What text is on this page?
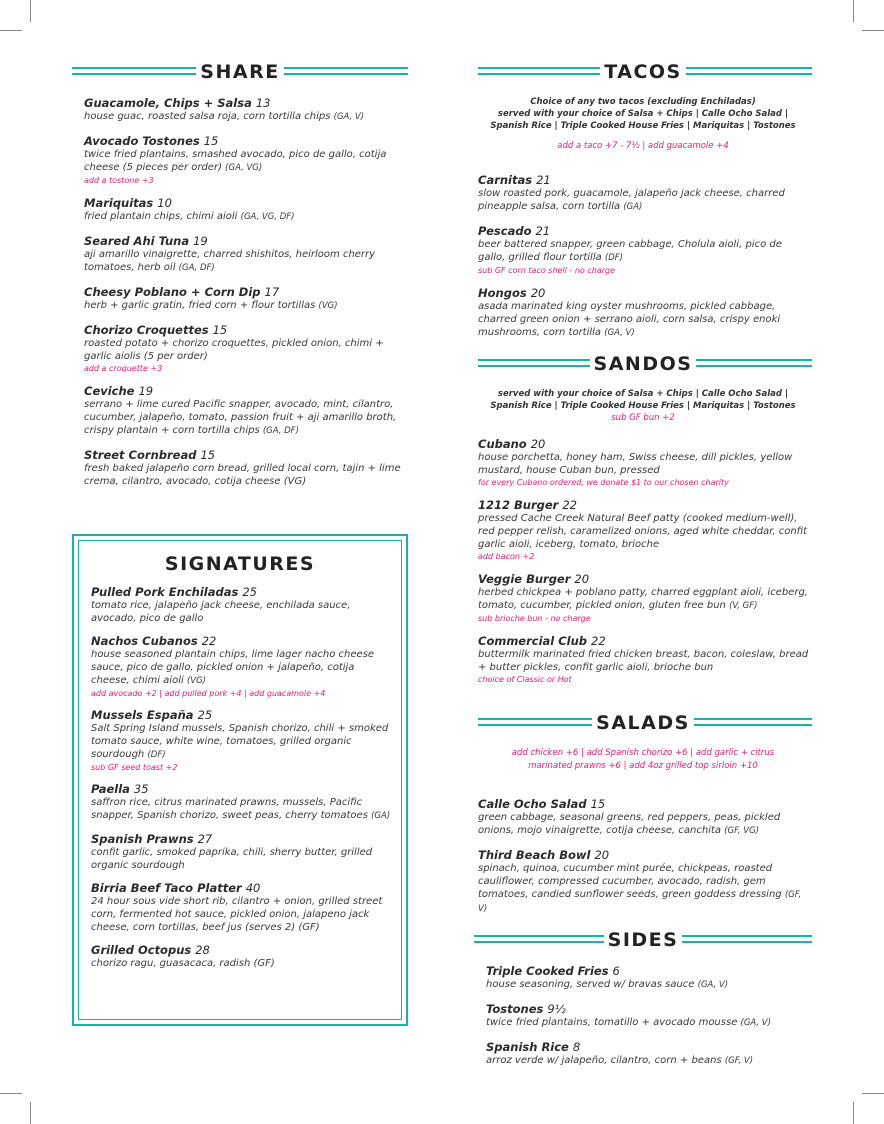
SHARE
Guacamole, Chips + Salsa 13
house guac, roasted salsa roja, corn tortilla chips (GA, V)
Avocado Tostones 15
twice fried plantains, smashed avocado, pico de gallo, cotija cheese (5 pieces per order) (GA, VG)
add a tostone +3
Mariquitas 10
fried plantain chips, chimi aioli (GA, VG, DF)
Seared Ahi Tuna 19
aji amarillo vinaigrette, charred shishitos, heirloom cherry tomatoes, herb oil (GA, DF)
Cheesy Poblano + Corn Dip 17
herb + garlic gratin, fried corn + flour tortillas (VG)
Chorizo Croquettes 15
roasted potato + chorizo croquettes, pickled onion, chimi + garlic aiolis (5 per order)
add a croquette +3
Ceviche 19
serrano + lime cured Pacific snapper, avocado, mint, cilantro, cucumber, jalapeño, tomato, passion fruit + aji amarillo broth, crispy plantain + corn tortilla chips (GA, DF)
Street Cornbread 15
fresh baked jalapeño corn bread, grilled local corn, tajin + lime crema, cilantro, avocado, cotija cheese (VG)
SIGNATURES
Pulled Pork Enchiladas 25
tomato rice, jalapeño jack cheese, enchilada sauce, avocado, pico de gallo
Nachos Cubanos 22
house seasoned plantain chips, lime lager nacho cheese sauce, pico de gallo, pickled onion + jalapeño, cotija cheese, chimi aioli (VG)
add avocado +2 | add pulled pork +4 | add guacamole +4
Mussels España 25
Salt Spring Island mussels, Spanish chorizo, chili + smoked tomato sauce, white wine, tomatoes, grilled organic sourdough (DF)
sub GF seed toast +2
Paella 35
saffron rice, citrus marinated prawns, mussels, Pacific snapper, Spanish chorizo, sweet peas, cherry tomatoes (GA)
Spanish Prawns 27
confit garlic, smoked paprika, chili, sherry butter, grilled organic sourdough
Birria Beef Taco Platter 40
24 hour sous vide short rib, cilantro + onion, grilled street corn, fermented hot sauce, pickled onion, jalapeno jack cheese, corn tortillas, beef jus (serves 2) (GF)
Grilled Octopus 28
chorizo ragu, guasacaca, radish (GF)
TACOS
Choice of any two tacos (excluding Enchiladas)
served with your choice of Salsa + Chips | Calle Ocho Salad |
Spanish Rice | Triple Cooked House Fries | Mariquitas | Tostones
add a taco +7 - 7½ | add guacamole +4
Carnitas 21
slow roasted pork, guacamole, jalapeño jack cheese, charred pineapple salsa, corn tortilla (GA)
Pescado 21
beer battered snapper, green cabbage, Cholula aioli, pico de gallo, grilled flour tortilla (DF)
sub GF corn taco shell - no charge
Hongos 20
asada marinated king oyster mushrooms, pickled cabbage, charred green onion + serrano aioli, corn salsa, crispy enoki mushrooms, corn tortilla (GA, V)
SANDOS
served with your choice of Salsa + Chips | Calle Ocho Salad |
Spanish Rice | Triple Cooked House Fries | Mariquitas | Tostones
sub GF bun +2
Cubano 20
house porchetta, honey ham, Swiss cheese, dill pickles, yellow mustard, house Cuban bun, pressed
for every Cubano ordered, we donate $1 to our chosen charity
1212 Burger 22
pressed Cache Creek Natural Beef patty (cooked medium-well), red pepper relish, caramelized onions, aged white cheddar, confit garlic aioli, iceberg, tomato, brioche
add bacon +2
Veggie Burger 20
herbed chickpea + poblano patty, charred eggplant aioli, iceberg, tomato, cucumber, pickled onion, gluten free bun (V, GF)
sub brioche bun - no charge
Commercial Club 22
buttermilk marinated fried chicken breast, bacon, coleslaw, bread + butter pickles, confit garlic aioli, brioche bun
choice of Classic or Hot
SALADS
add chicken +6 | add Spanish chorizo +6 | add garlic + citrus
marinated prawns +6 | add 4oz grilled top sirloin +10
Calle Ocho Salad 15
green cabbage, seasonal greens, red peppers, peas, pickled onions, mojo vinaigrette, cotija cheese, canchita (GF, VG)
Third Beach Bowl 20
spinach, quinoa, cucumber mint purée, chickpeas, roasted cauliflower, compressed cucumber, avocado, radish, gem tomatoes, candied sunflower seeds, green goddess dressing (GF, V)
SIDES
Triple Cooked Fries 6
house seasoning, served w/ bravas sauce (GA, V)
Tostones 9½
twice fried plantains, tomatillo + avocado mousse (GA, V)
Spanish Rice 8
arroz verde w/ jalapeño, cilantro, corn + beans (GF, V)
